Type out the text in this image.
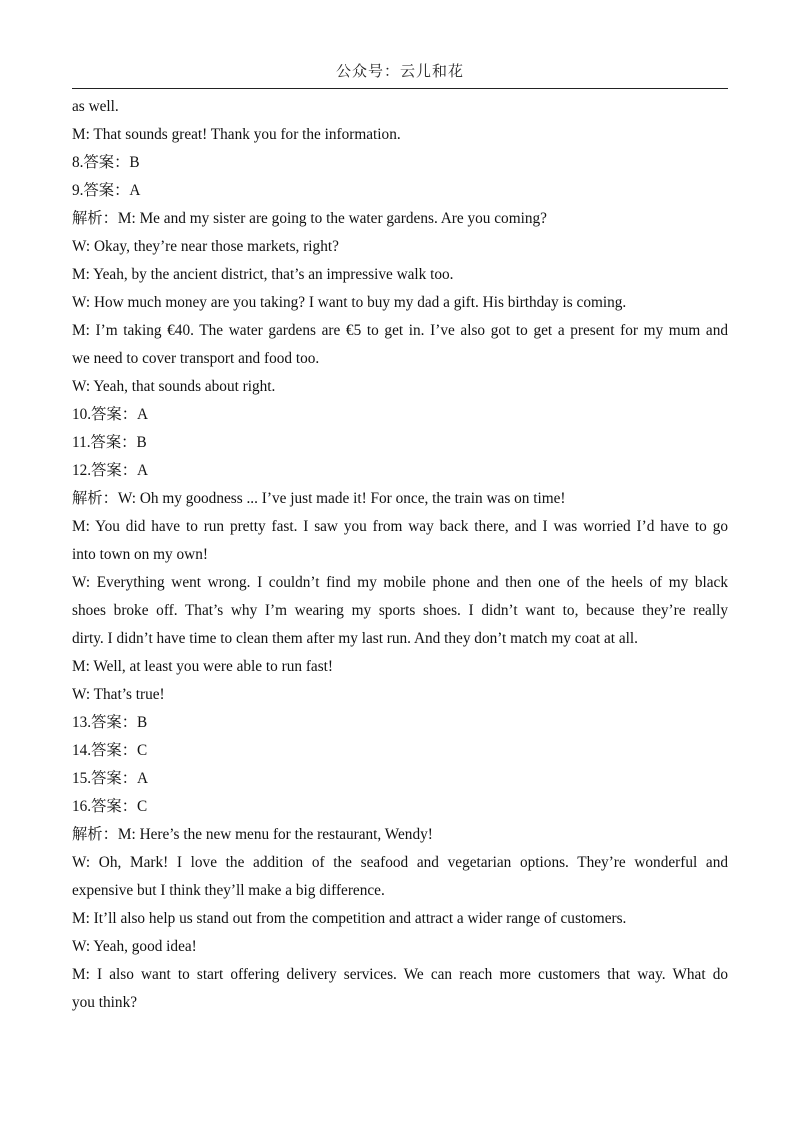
公众号：云儿和花
as well.
M: That sounds great! Thank you for the information.
8.答案：B
9.答案：A
解析：M: Me and my sister are going to the water gardens. Are you coming?
W: Okay, they’re near those markets, right?
M: Yeah, by the ancient district, that’s an impressive walk too.
W: How much money are you taking? I want to buy my dad a gift. His birthday is coming.
M: I’m taking €40. The water gardens are €5 to get in. I’ve also got to get a present for my mum and
we need to cover transport and food too.
W: Yeah, that sounds about right.
10.答案：A
11.答案：B
12.答案：A
解析：W: Oh my goodness ... I’ve just made it! For once, the train was on time!
M: You did have to run pretty fast. I saw you from way back there, and I was worried I’d have to go
into town on my own!
W: Everything went wrong. I couldn’t find my mobile phone and then one of the heels of my black
shoes broke off. That’s why I’m wearing my sports shoes. I didn’t want to, because they’re really
dirty. I didn’t have time to clean them after my last run. And they don’t match my coat at all.
M: Well, at least you were able to run fast!
W: That’s true!
13.答案：B
14.答案：C
15.答案：A
16.答案：C
解析：M: Here’s the new menu for the restaurant, Wendy!
W: Oh, Mark! I love the addition of the seafood and vegetarian options. They’re wonderful and
expensive but I think they’ll make a big difference.
M: It’ll also help us stand out from the competition and attract a wider range of customers.
W: Yeah, good idea!
M: I also want to start offering delivery services. We can reach more customers that way. What do
you think?
